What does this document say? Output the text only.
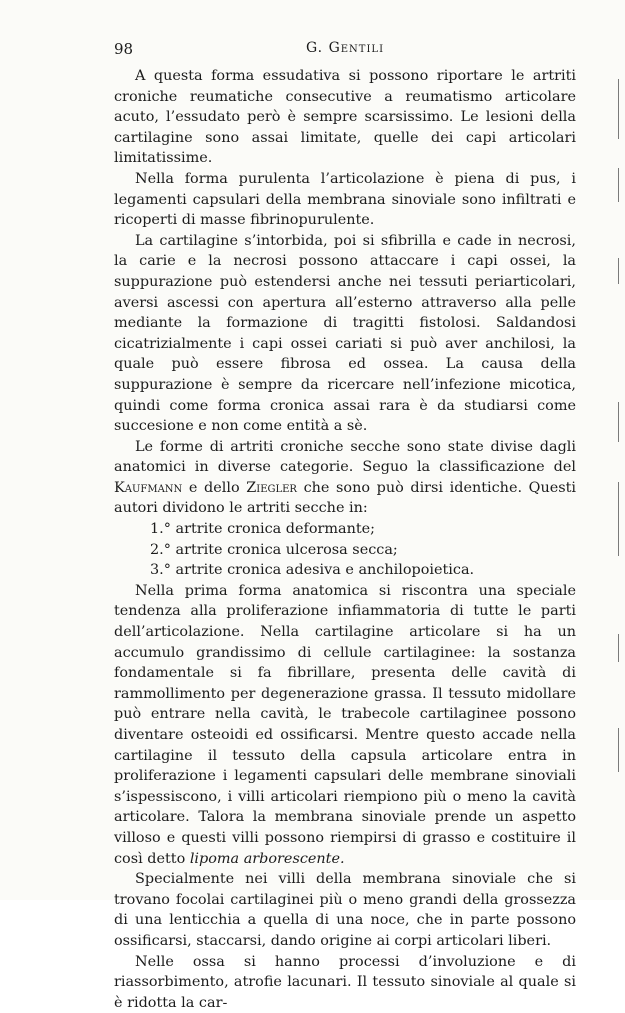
98	G. Gentili

A questa forma essudativa si possono riportare le artriti croniche reumatiche consecutive a reumatismo articolare acuto, l’essudato però è sempre scarsissimo. Le lesioni della cartilagine sono assai limitate, quelle dei capi articolari limitatissime.

Nella forma purulenta l’articolazione è piena di pus, i legamenti capsulari della membrana sinoviale sono infiltrati e ricoperti di masse fibrinopurulente.

La cartilagine s’intorbida, poi si sfibrilla e cade in necrosi, la carie e la necrosi possono attaccare i capi ossei, la suppurazione può estendersi anche nei tessuti periarticolari, aversi ascessi con apertura all’esterno attraverso alla pelle mediante la formazione di tragitti fistolosi. Saldandosi cicatrizialmente i capi ossei cariati si può aver anchilosi, la quale può essere fibrosa ed ossea. La causa della suppurazione è sempre da ricercare nell’infezione micotica, quindi come forma cronica assai rara è da studiarsi come succesione e non come entità a sè.

Le forme di artriti croniche secche sono state divise dagli anatomici in diverse categorie. Seguo la classificazione del Kaufmann e dello Ziegler che sono può dirsi identiche. Questi autori dividono le artriti secche in:

1.° artrite cronica deformante;

2.° artrite cronica ulcerosa secca;

3.° artrite cronica adesiva e anchilopoietica.

Nella prima forma anatomica si riscontra una speciale tendenza alla proliferazione infiammatoria di tutte le parti dell’articolazione. Nella cartilagine articolare si ha un accumulo grandissimo di cellule cartilaginee: la sostanza fondamentale si fa fibrillare, presenta delle cavità di rammollimento per degenerazione grassa. Il tessuto midollare può entrare nella cavità, le trabecole cartilaginee possono diventare osteoidi ed ossificarsi. Mentre questo accade nella cartilagine il tessuto della capsula articolare entra in proliferazione i legamenti capsulari delle membrane sinoviali s’ispessiscono, i villi articolari riempiono più o meno la cavità articolare. Talora la membrana sinoviale prende un aspetto villoso e questi villi possono riempirsi di grasso e costituire il così detto lipoma arborescente.

Specialmente nei villi della membrana sinoviale che si trovano focolai cartilaginei più o meno grandi della grossezza di una lenticchia a quella di una noce, che in parte possono ossificarsi, staccarsi, dando origine ai corpi articolari liberi.

Nelle ossa si hanno processi d’involuzione e di riassorbimento, atrofie lacunari. Il tessuto sinoviale al quale si è ridotta la car-
